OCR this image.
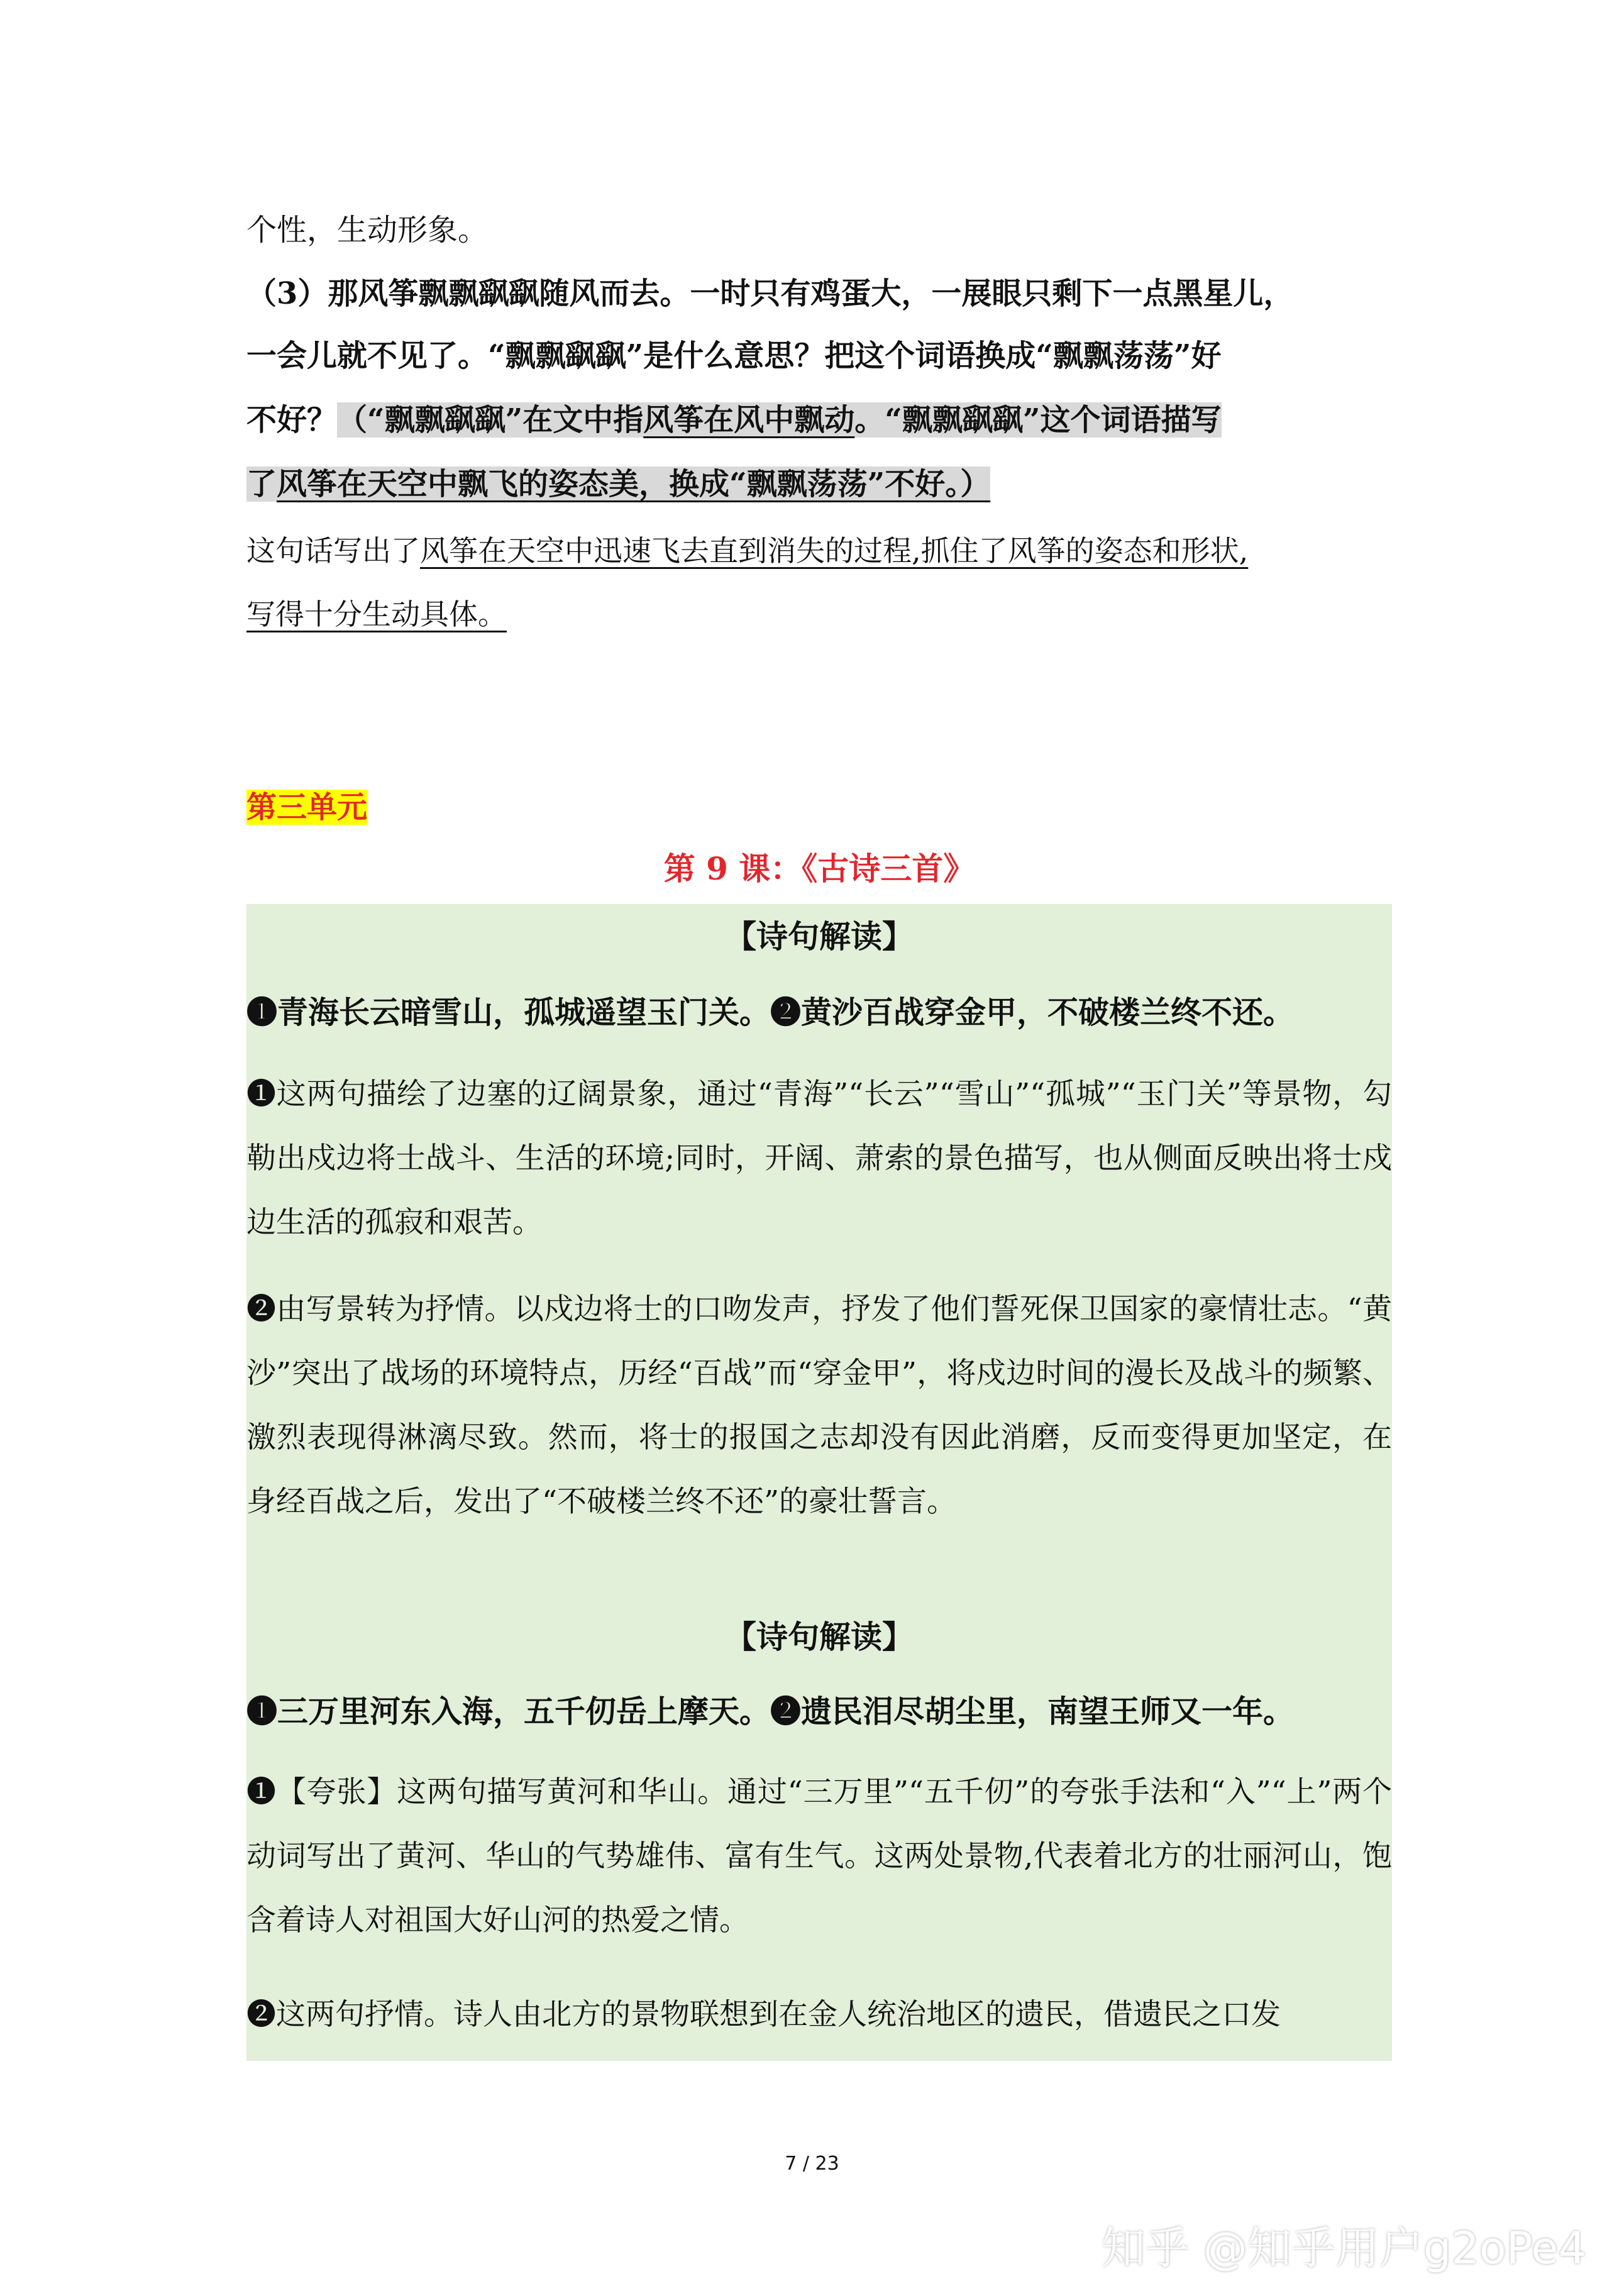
个性，生动形象。
（3）那风筝飘飘飖飖随风而去。一时只有鸡蛋大，一展眼只剩下一点黑星儿，
一会儿就不见了。“飘飘飖飖”是什么意思？把这个词语换成“飘飘荡荡”好
不好？（“飘飘飖飖”在文中指风筝在风中飘动。“飘飘飖飖”这个词语描写
了风筝在天空中飘飞的姿态美，换成“飘飘荡荡”不好。）
这句话写出了风筝在天空中迅速飞去直到消失的过程,抓住了风筝的姿态和形状,
写得十分生动具体。
第三单元
第 9 课：《古诗三首》
【诗句解读】
❶青海长云暗雪山，孤城遥望玉门关。❷黄沙百战穿金甲，不破楼兰终不还。
❶这两句描绘了边塞的辽阔景象，通过“青海”“长云”“雪山”“孤城”“玉门关”等景物，勾勒出戍边将士战斗、生活的环境;同时，开阔、萧索的景色描写，也从侧面反映出将士戍边生活的孤寂和艰苦。
❷由写景转为抒情。以戍边将士的口吻发声，抒发了他们誓死保卫国家的豪情壮志。“黄沙”突出了战场的环境特点，历经“百战”而“穿金甲”，将戍边时间的漫长及战斗的频繁、激烈表现得淋漓尽致。然而，将士的报国之志却没有因此消磨，反而变得更加坚定，在身经百战之后，发出了“不破楼兰终不还”的豪壮誓言。
【诗句解读】
❶三万里河东入海，五千仞岳上摩天。❷遗民泪尽胡尘里，南望王师又一年。
❶【夸张】这两句描写黄河和华山。通过“三万里”“五千仞”的夸张手法和“入”“上”两个动词写出了黄河、华山的气势雄伟、富有生气。这两处景物,代表着北方的壮丽河山，饱含着诗人对祖国大好山河的热爱之情。
❷这两句抒情。诗人由北方的景物联想到在金人统治地区的遗民，借遗民之口发
7 / 23
知乎 @知乎用户g2oPe4
